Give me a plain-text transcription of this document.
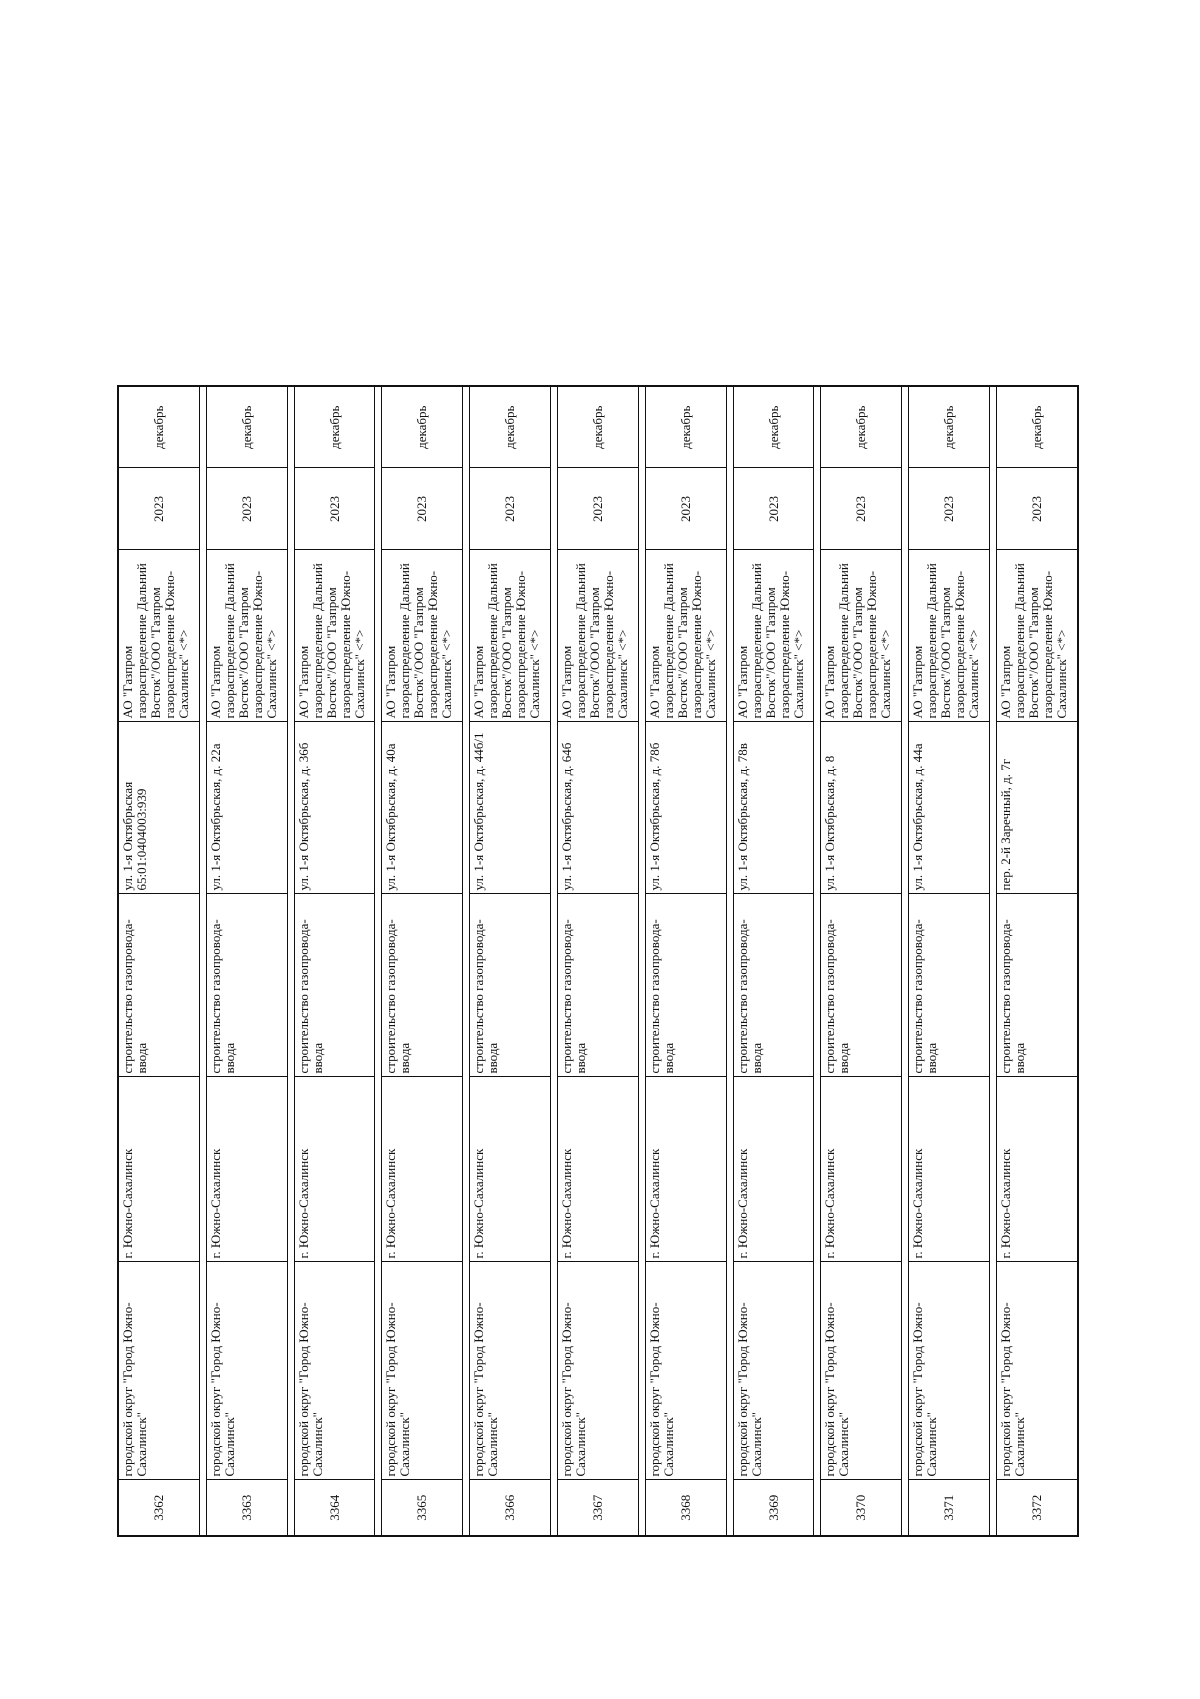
3362	городской округ "Город Южно-Сахалинск"	г. Южно-Сахалинск	строительство газопровода-ввода	ул. 1-я Октябрьская 65:01:0404003:939	АО "Газпром газораспределение Дальний Восток"/ООО "Газпром газораспределение Южно-Сахалинск" <*>	2023	декабрь

3363	городской округ "Город Южно-Сахалинск"	г. Южно-Сахалинск	строительство газопровода-ввода	ул. 1-я Октябрьская, д. 22а	АО "Газпром газораспределение Дальний Восток"/ООО "Газпром газораспределение Южно-Сахалинск" <*>	2023	декабрь

3364	городской округ "Город Южно-Сахалинск"	г. Южно-Сахалинск	строительство газопровода-ввода	ул. 1-я Октябрьская, д. 36б	АО "Газпром газораспределение Дальний Восток"/ООО "Газпром газораспределение Южно-Сахалинск" <*>	2023	декабрь

3365	городской округ "Город Южно-Сахалинск"	г. Южно-Сахалинск	строительство газопровода-ввода	ул. 1-я Октябрьская, д. 40а	АО "Газпром газораспределение Дальний Восток"/ООО "Газпром газораспределение Южно-Сахалинск" <*>	2023	декабрь

3366	городской округ "Город Южно-Сахалинск"	г. Южно-Сахалинск	строительство газопровода-ввода	ул. 1-я Октябрьская, д. 44б/1	АО "Газпром газораспределение Дальний Восток"/ООО "Газпром газораспределение Южно-Сахалинск" <*>	2023	декабрь

3367	городской округ "Город Южно-Сахалинск"	г. Южно-Сахалинск	строительство газопровода-ввода	ул. 1-я Октябрьская, д. 64б	АО "Газпром газораспределение Дальний Восток"/ООО "Газпром газораспределение Южно-Сахалинск" <*>	2023	декабрь

3368	городской округ "Город Южно-Сахалинск"	г. Южно-Сахалинск	строительство газопровода-ввода	ул. 1-я Октябрьская, д. 78б	АО "Газпром газораспределение Дальний Восток"/ООО "Газпром газораспределение Южно-Сахалинск" <*>	2023	декабрь

3369	городской округ "Город Южно-Сахалинск"	г. Южно-Сахалинск	строительство газопровода-ввода	ул. 1-я Октябрьская, д. 78в	АО "Газпром газораспределение Дальний Восток"/ООО "Газпром газораспределение Южно-Сахалинск" <*>	2023	декабрь

3370	городской округ "Город Южно-Сахалинск"	г. Южно-Сахалинск	строительство газопровода-ввода	ул. 1-я Октябрьская, д. 8	АО "Газпром газораспределение Дальний Восток"/ООО "Газпром газораспределение Южно-Сахалинск" <*>	2023	декабрь

3371	городской округ "Город Южно-Сахалинск"	г. Южно-Сахалинск	строительство газопровода-ввода	ул. 1-я Октябрьская, д. 44а	АО "Газпром газораспределение Дальний Восток"/ООО "Газпром газораспределение Южно-Сахалинск" <*>	2023	декабрь

3372	городской округ "Город Южно-Сахалинск"	г. Южно-Сахалинск	строительство газопровода-ввода	пер. 2-й Заречный, д. 7г	АО "Газпром газораспределение Дальний Восток"/ООО "Газпром газораспределение Южно-Сахалинск" <*>	2023	декабрь
